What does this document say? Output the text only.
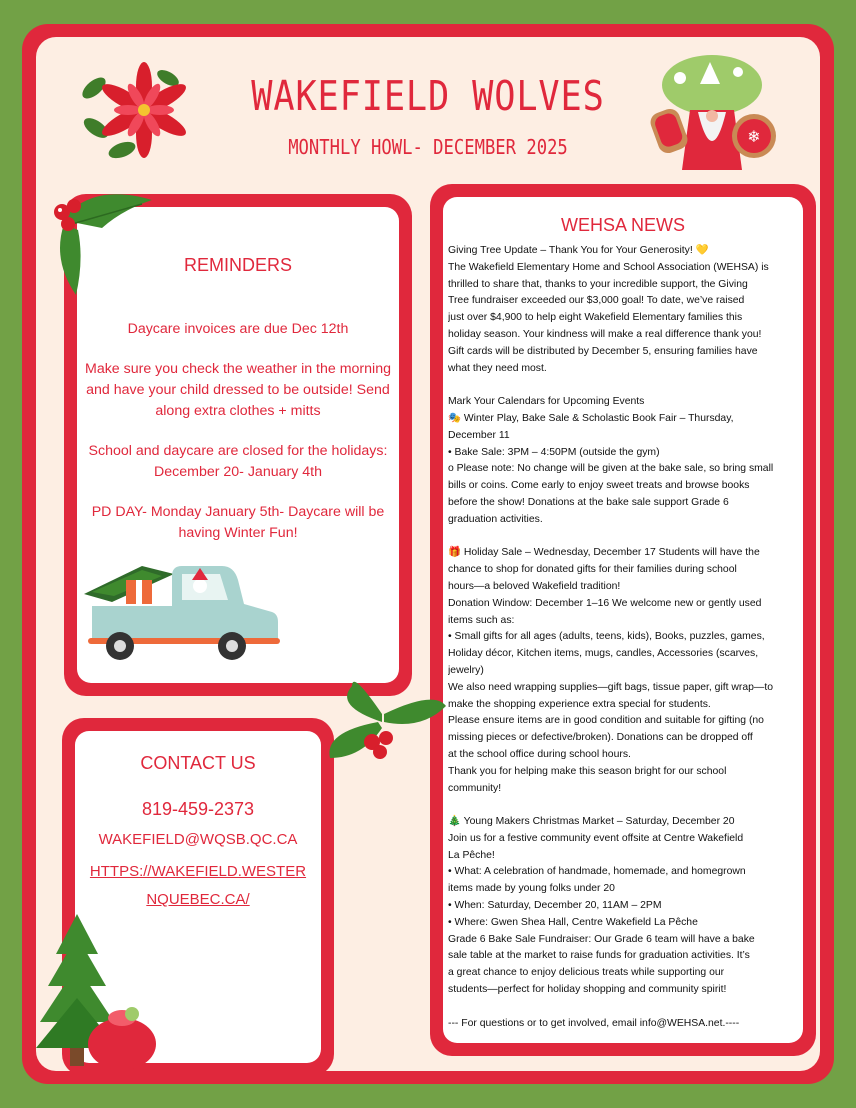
WAKEFIELD WOLVES
MONTHLY HOWL- DECEMBER 2025	❄
REMINDERS

Daycare invoices are due Dec 12th

Make sure you check the weather in the morning and have your child dressed to be outside! Send along extra clothes + mitts

School and daycare are closed for the holidays: December 20- January 4th

PD DAY- Monday January 5th- Daycare will be having Winter Fun!

CONTACT US
819-459-2373
WAKEFIELD@WQSB.QC.CA
HTTPS://WAKEFIELD.WESTERNQUEBEC.CA/
WEHSA NEWS
Giving Tree Update – Thank You for Your Generosity! 💛
The Wakefield Elementary Home and School Association (WEHSA) is
thrilled to share that, thanks to your incredible support, the Giving
Tree fundraiser exceeded our $3,000 goal! To date, we’ve raised
just over $4,900 to help eight Wakefield Elementary families this
holiday season. Your kindness will make a real difference thank you!
Gift cards will be distributed by December 5, ensuring families have
what they need most.
Mark Your Calendars for Upcoming Events
🎭 Winter Play, Bake Sale & Scholastic Book Fair – Thursday,
December 11
• Bake Sale: 3PM – 4:50PM (outside the gym)
o Please note: No change will be given at the bake sale, so bring small
bills or coins. Come early to enjoy sweet treats and browse books
before the show! Donations at the bake sale support Grade 6
graduation activities.
🎁 Holiday Sale – Wednesday, December 17 Students will have the
chance to shop for donated gifts for their families during school
hours—a beloved Wakefield tradition!
Donation Window: December 1–16 We welcome new or gently used
items such as:
• Small gifts for all ages (adults, teens, kids), Books, puzzles, games,
Holiday décor, Kitchen items, mugs, candles, Accessories (scarves,
jewelry)
We also need wrapping supplies—gift bags, tissue paper, gift wrap—to
make the shopping experience extra special for students.
Please ensure items are in good condition and suitable for gifting (no
missing pieces or defective/broken). Donations can be dropped off
at the school office during school hours.
Thank you for helping make this season bright for our school
community!
🎄 Young Makers Christmas Market – Saturday, December 20
Join us for a festive community event offsite at Centre Wakefield
La Pêche!
• What: A celebration of handmade, homemade, and homegrown
items made by young folks under 20
• When: Saturday, December 20, 11AM – 2PM
• Where: Gwen Shea Hall, Centre Wakefield La Pêche
Grade 6 Bake Sale Fundraiser: Our Grade 6 team will have a bake
sale table at the market to raise funds for graduation activities. It’s
a great chance to enjoy delicious treats while supporting our
students—perfect for holiday shopping and community spirit!
--- For questions or to get involved, email info@WEHSA.net.----
